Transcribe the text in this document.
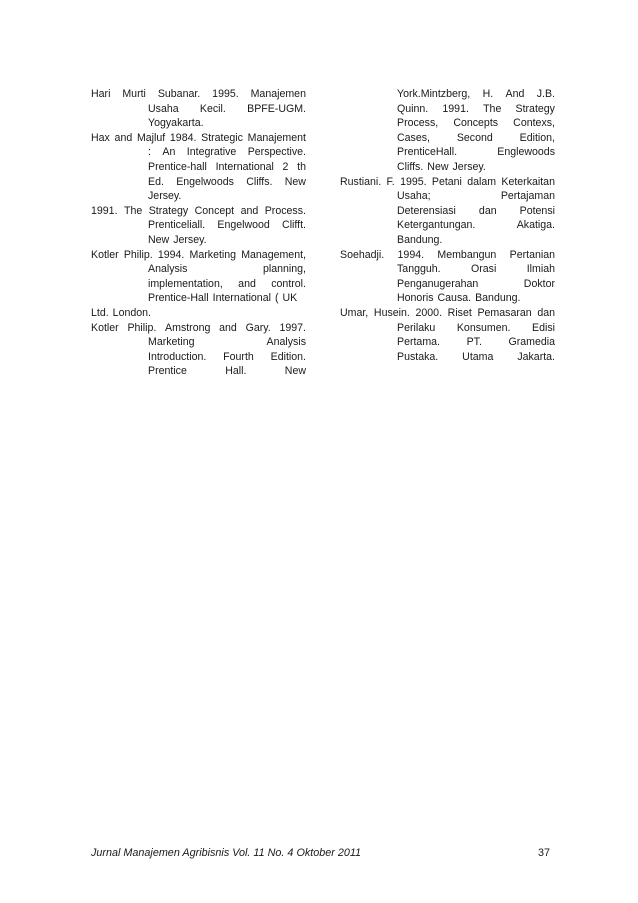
Hari Murti Subanar. 1995. Manajemen
Usaha Kecil. BPFE-UGM.
Yogyakarta.
Hax and Majluf 1984. Strategic Manajement
: An Integrative Perspective.
Prentice-hall International 2 th
Ed. Engelwoods Cliffs. New
Jersey.
1991. The Strategy Concept and Process.
Prenticeliall. Engelwood Clifft.
New Jersey.
Kotler Philip. 1994. Marketing Management,
Analysis	planning,
implementation, and control.
Prentice-Hall International ( UK
Ltd. London.
Kotler Philip. Amstrong and Gary. 1997.
Marketing	Analysis
Introduction. Fourth Edition.
Prentice	Hall.	New
York.Mintzberg, H. And J.B.
Quinn. 1991. The Strategy
Process, Concepts Contexs,
Cases,	Second	Edition,
PrenticeHall.	Englewoods
Cliffs. New Jersey.
Rustiani. F. 1995. Petani dalam Keterkaitan
Usaha;	Pertajaman
Deterensiasi dan Potensi
Ketergantungan.	Akatiga.
Bandung.
Soehadji. 1994. Membangun Pertanian
Tangguh.	Orasi	Ilmiah
Penganugerahan	Doktor
Honoris Causa. Bandung.
Umar, Husein. 2000. Riset Pemasaran dan
Perilaku Konsumen. Edisi
Pertama.	PT.	Gramedia
Pustaka. Utama Jakarta.
Jurnal Manajemen Agribisnis Vol. 11 No. 4 Oktober 2011	37
